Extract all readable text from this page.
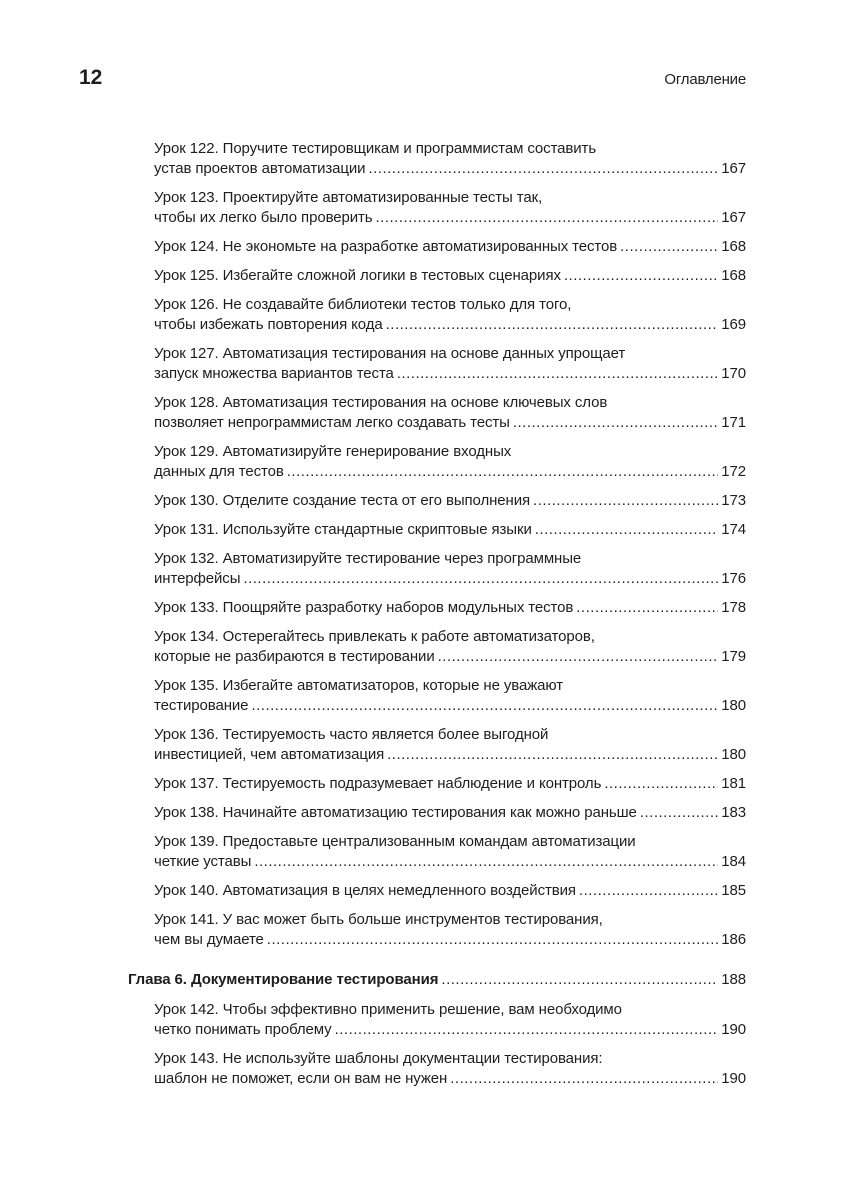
12	Оглавление
Урок 122. Поручите тестировщикам и программистам составить
устав проектов автоматизации .....	167
Урок 123. Проектируйте автоматизированные тесты так,
чтобы их легко было проверить .....	167
Урок 124. Не экономьте на разработке автоматизированных тестов .....	168
Урок 125. Избегайте сложной логики в тестовых сценариях .....	168
Урок 126. Не создавайте библиотеки тестов только для того,
чтобы избежать повторения кода .....	169
Урок 127. Автоматизация тестирования на основе данных упрощает
запуск множества вариантов теста .....	170
Урок 128. Автоматизация тестирования на основе ключевых слов
позволяет непрограммистам легко создавать тесты .....	171
Урок 129. Автоматизируйте генерирование входных
данных для тестов .....	172
Урок 130. Отделите создание теста от его выполнения .....	173
Урок 131. Используйте стандартные скриптовые языки .....	174
Урок 132. Автоматизируйте тестирование через программные
интерфейсы .....	176
Урок 133. Поощряйте разработку наборов модульных тестов .....	178
Урок 134. Остерегайтесь привлекать к работе автоматизаторов,
которые не разбираются в тестировании .....	179
Урок 135. Избегайте автоматизаторов, которые не уважают
тестирование .....	180
Урок 136. Тестируемость часто является более выгодной
инвестицией, чем автоматизация .....	180
Урок 137. Тестируемость подразумевает наблюдение и контроль .....	181
Урок 138. Начинайте автоматизацию тестирования как можно раньше .....	183
Урок 139. Предоставьте централизованным командам автоматизации
четкие уставы .....	184
Урок 140. Автоматизация в целях немедленного воздействия .....	185
Урок 141. У вас может быть больше инструментов тестирования,
чем вы думаете .....	186
Глава 6. Документирование тестирования .....	188
Урок 142. Чтобы эффективно применить решение, вам необходимо
четко понимать проблему .....	190
Урок 143. Не используйте шаблоны документации тестирования:
шаблон не поможет, если он вам не нужен .....	190
